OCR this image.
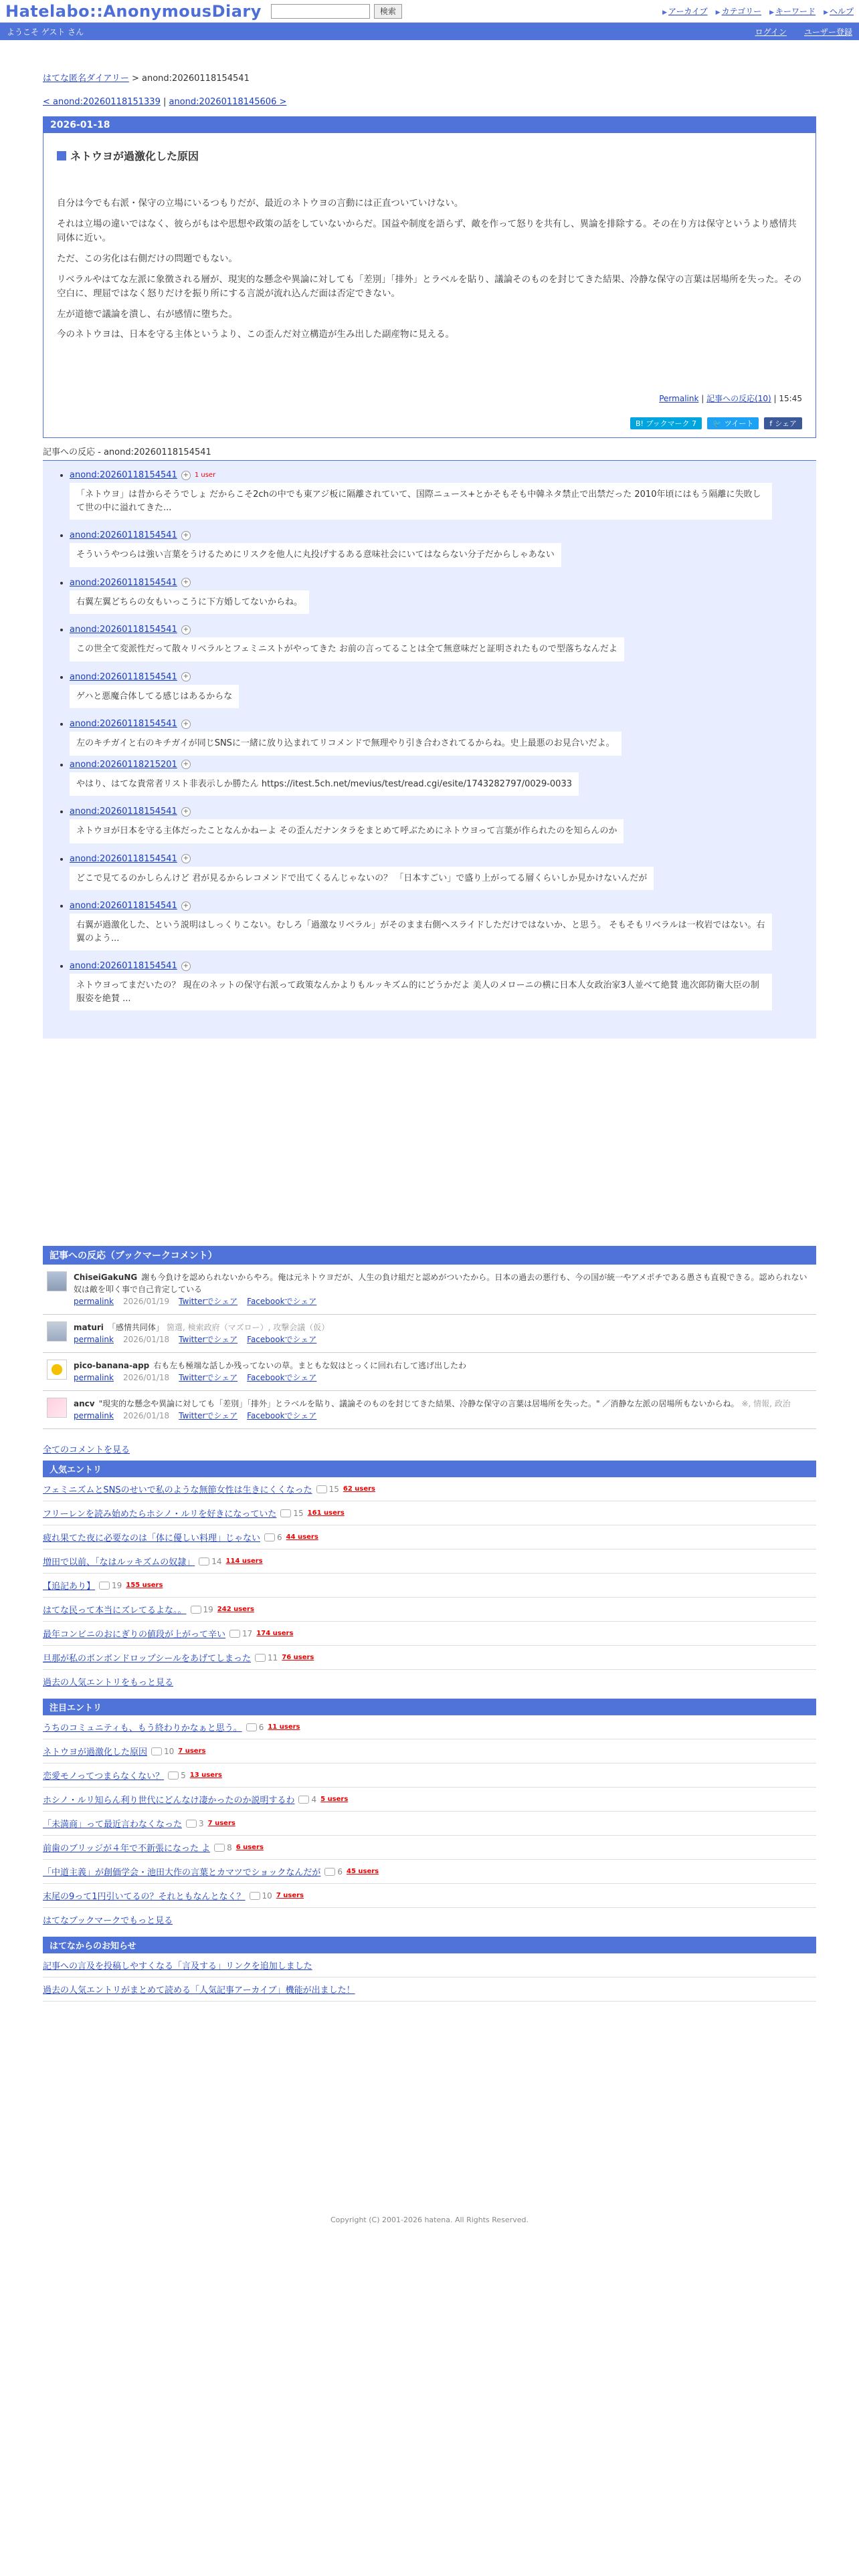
Hatelabo::AnonymousDiary	検索	▶ アーカイブ	▶ カテゴリー	▶ キーワード	▶ ヘルプ
ようこそ ゲスト さん	ログイン ユーザー登録
はてな匿名ダイアリー > anond:20260118154541
< anond:20260118151339 | anond:20260118145606 >
2026-01-18
ネトウヨが過激化した原因

自分は今でも右派・保守の立場にいるつもりだが、最近のネトウヨの言動には正直ついていけない。

それは立場の違いではなく、彼らがもはや思想や政策の話をしていないからだ。国益や制度を語らず、敵を作って怒りを共有し、異論を排除する。その在り方は保守というより感情共同体に近い。

ただ、この劣化は右側だけの問題でもない。

リベラルやはてな左派に象徴される層が、現実的な懸念や異論に対しても「差別」「排外」とラベルを貼り、議論そのものを封じてきた結果、冷静な保守の言葉は居場所を失った。その空白に、理屈ではなく怒りだけを振り所にする言説が流れ込んだ面は否定できない。

左が道徳で議論を潰し、右が感情に堕ちた。

今のネトウヨは、日本を守る主体というより、この歪んだ対立構造が生み出した副産物に見える。

Permalink | 記事への反応(10) | 15:45
B! ブックマーク 7	🐦 ツイート f シェア
記事への反応 - anond:20260118154541
• anond:20260118154541 + 1 user
「ネトウヨ」は昔からそうでしょ だからこそ2chの中でも東アジ板に隔離されていて、国際ニュース+とかそもそも中韓ネタ禁止で出禁だった 2010年頃にはもう隔離に失敗して世の中に溢れてきた...
• anond:20260118154541 +
そういうやつらは強い言葉をうけるためにリスクを他人に丸投げするある意味社会にいてはならない分子だからしゃあない
• anond:20260118154541 +
右翼左翼どちらの女もいっこうに下方婚してないからね。
• anond:20260118154541 +
この世全て変派性だって散々リベラルとフェミニストがやってきた お前の言ってることは全て無意味だと証明されたもので型落ちなんだよ
• anond:20260118154541 +
ゲハと悪魔合体してる感じはあるからな
• anond:20260118154541 +
左のキチガイと右のキチガイが同じSNSに一緒に放り込まれてリコメンドで無理やり引き合わされてるからね。史上最悪のお見合いだよ。
• anond:20260118215201 +
やはり、はてな貴常者リスト非表示しか勝たん https://itest.5ch.net/mevius/test/read.cgi/esite/1743282797/0029-0033
• anond:20260118154541 +
ネトウヨが日本を守る主体だったことなんかねーよ その歪んだナンタラをまとめて呼ぶためにネトウヨって言葉が作られたのを知らんのか
• anond:20260118154541 +
どこで見てるのかしらんけど 君が見るからレコメンドで出てくるんじゃないの？ 「日本すごい」で盛り上がってる層くらいしか見かけないんだが
• anond:20260118154541 +
右翼が過激化した、という説明はしっくりこない。むしろ「過激なリベラル」がそのまま右側へスライドしただけではないか、と思う。 そもそもリベラルは一枚岩ではない。右翼のよう...
• anond:20260118154541 +
ネトウヨってまだいたの？ 現在のネットの保守右派って政策なんかよりもルッキズム的にどうかだよ 美人のメローニの横に日本人女政治家3人並べて絶賛 進次郎防衛大臣の制服姿を絶賛 ...
記事への反応（ブックマークコメント）
ChiseiGakuNG 謝も今負けを認められないからやろ。俺は元ネトウヨだが、人生の負け組だと認めがついたから。日本の過去の悪行も、今の国が統一やアメポチである愚さも直視できる。認められない奴は敵を叩く事で自己肯定している
permalink 2026/01/19 Twitterでシェア Facebookでシェア
maturi 「感情共同体」 箇選, 検索政府（マズロー）, 攻撃会議（仮）
permalink 2026/01/18 Twitterでシェア Facebookでシェア
pico-banana-app 右も左も極端な話しか残ってないの草。まともな奴はとっくに回れ右して逃げ出したわ
permalink 2026/01/18 Twitterでシェア Facebookでシェア
ancv "現実的な懸念や異論に対しても「差別」「排外」とラベルを貼り、議論そのものを封じてきた結果、冷静な保守の言葉は居場所を失った。" ／消静な左派の居場所もないからね。 ※, 情報, 政治
permalink 2026/01/18 Twitterでシェア Facebookでシェア
全てのコメントを見る
人気エントリ
フェミニズムとSNSのせいで私のような無節女性は生きにくくなった	15 62 users
フリーレンを読み始めたらホシノ・ルリを好きになっていた	15 161 users
疲れ果てた夜に必要なのは「体に優しい料理」じゃない	6 44 users
増田で以前、「なはルッキズムの奴隷」	14 114 users
【追記あり】	19 155 users
はてな民って本当にズレてるよな。。	19 242 users
最年コンビニのおにぎりの値段が上がって辛い	17 174 users
旦那が私のボンボンドロップシールをあげてしまった	11 76 users
過去の人気エントリをもっと見る
注目エントリ
うちのコミュニティも、もう終わりかなぁと思う。	6 11 users
ネトウヨが過激化した原因	10 7 users
恋愛モノってつまらなくない？	5 13 users
ホシノ・ルリ知らん利り世代にどんなけ凄かったのか説明するわ	4 5 users
「未満商」って最近言わなくなった	3 7 users
前歯のブリッジが４年で不新張になった よ	8 6 users
「中道主義」が創価学会・池田大作の言葉とカマツでショックなんだが	6 45 users
末尾の9って1円引いてるの？それともなんとなく？	10 7 users
はてなブックマークでもっと見る
はてなからのお知らせ
記事への言及を投稿しやすくなる「言及する」リンクを追加しました
過去の人気エントリがまとめて読める「人気記事アーカイブ」機能が出ました！
Copyright (C) 2001-2026 hatena. All Rights Reserved.
